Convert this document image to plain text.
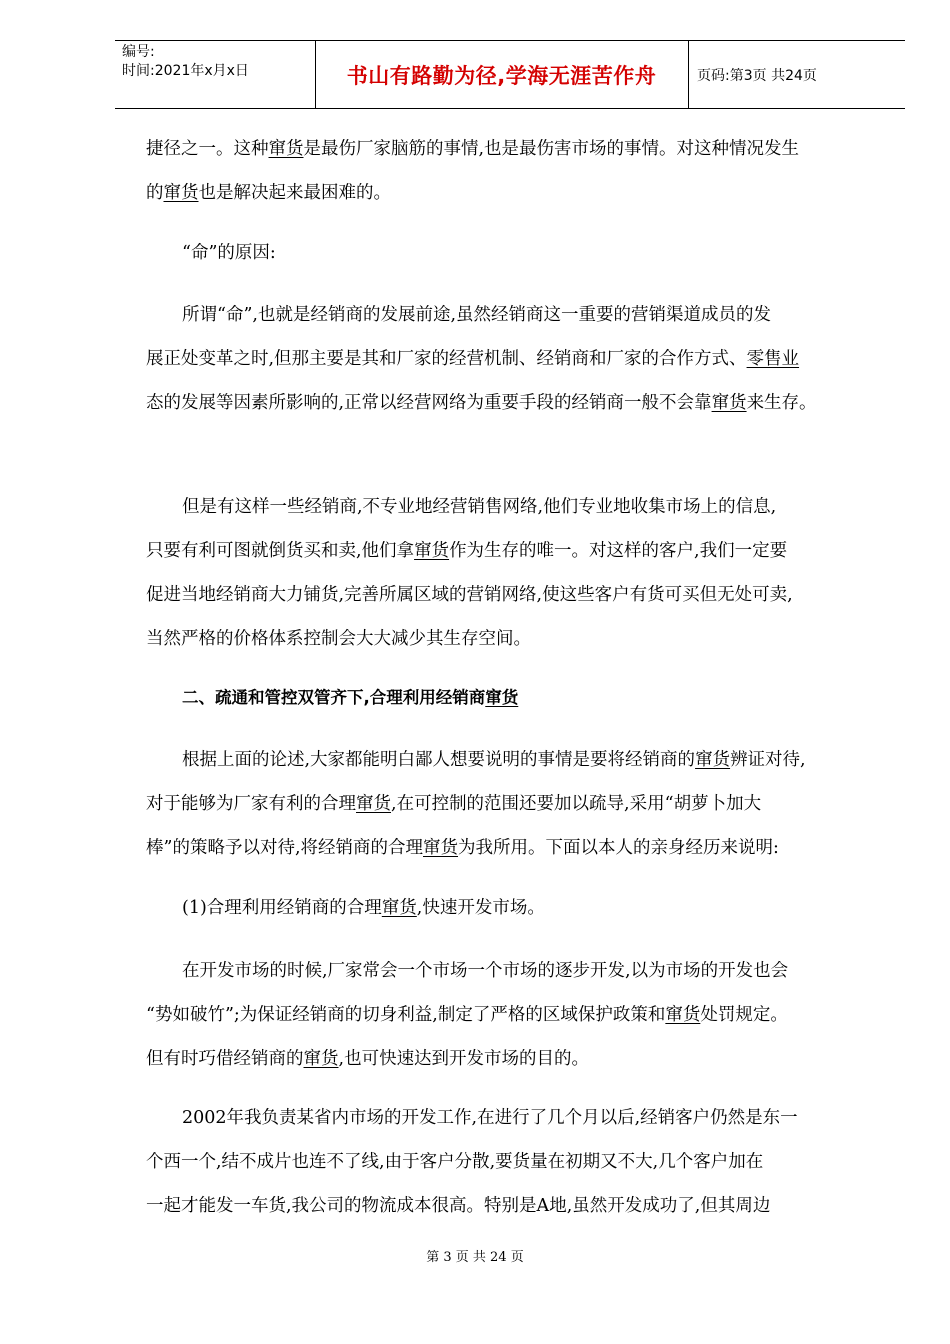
编号:
时间:2021年x月x日	书山有路勤为径,学海无涯苦作舟	页码:第3页 共24页
捷径之一。这种窜货是最伤厂家脑筋的事情,也是最伤害市场的事情。对这种情况发生
的窜货也是解决起来最困难的。
“命”的原因:
所谓“命”,也就是经销商的发展前途,虽然经销商这一重要的营销渠道成员的发
展正处变革之时,但那主要是其和厂家的经营机制、经销商和厂家的合作方式、零售业
态的发展等因素所影响的,正常以经营网络为重要手段的经销商一般不会靠窜货来生存。
但是有这样一些经销商,不专业地经营销售网络,他们专业地收集市场上的信息,
只要有利可图就倒货买和卖,他们拿窜货作为生存的唯一。对这样的客户,我们一定要
促进当地经销商大力铺货,完善所属区域的营销网络,使这些客户有货可买但无处可卖,
当然严格的价格体系控制会大大减少其生存空间。
二、疏通和管控双管齐下,合理利用经销商窜货
根据上面的论述,大家都能明白鄙人想要说明的事情是要将经销商的窜货辨证对待,
对于能够为厂家有利的合理窜货,在可控制的范围还要加以疏导,采用“胡萝卜加大
棒”的策略予以对待,将经销商的合理窜货为我所用。下面以本人的亲身经历来说明:
(1)合理利用经销商的合理窜货,快速开发市场。
在开发市场的时候,厂家常会一个市场一个市场的逐步开发,以为市场的开发也会
“势如破竹”;为保证经销商的切身利益,制定了严格的区域保护政策和窜货处罚规定。
但有时巧借经销商的窜货,也可快速达到开发市场的目的。
2002年我负责某省内市场的开发工作,在进行了几个月以后,经销客户仍然是东一
个西一个,结不成片也连不了线,由于客户分散,要货量在初期又不大,几个客户加在
一起才能发一车货,我公司的物流成本很高。特别是A地,虽然开发成功了,但其周边
第 3 页 共 24 页
